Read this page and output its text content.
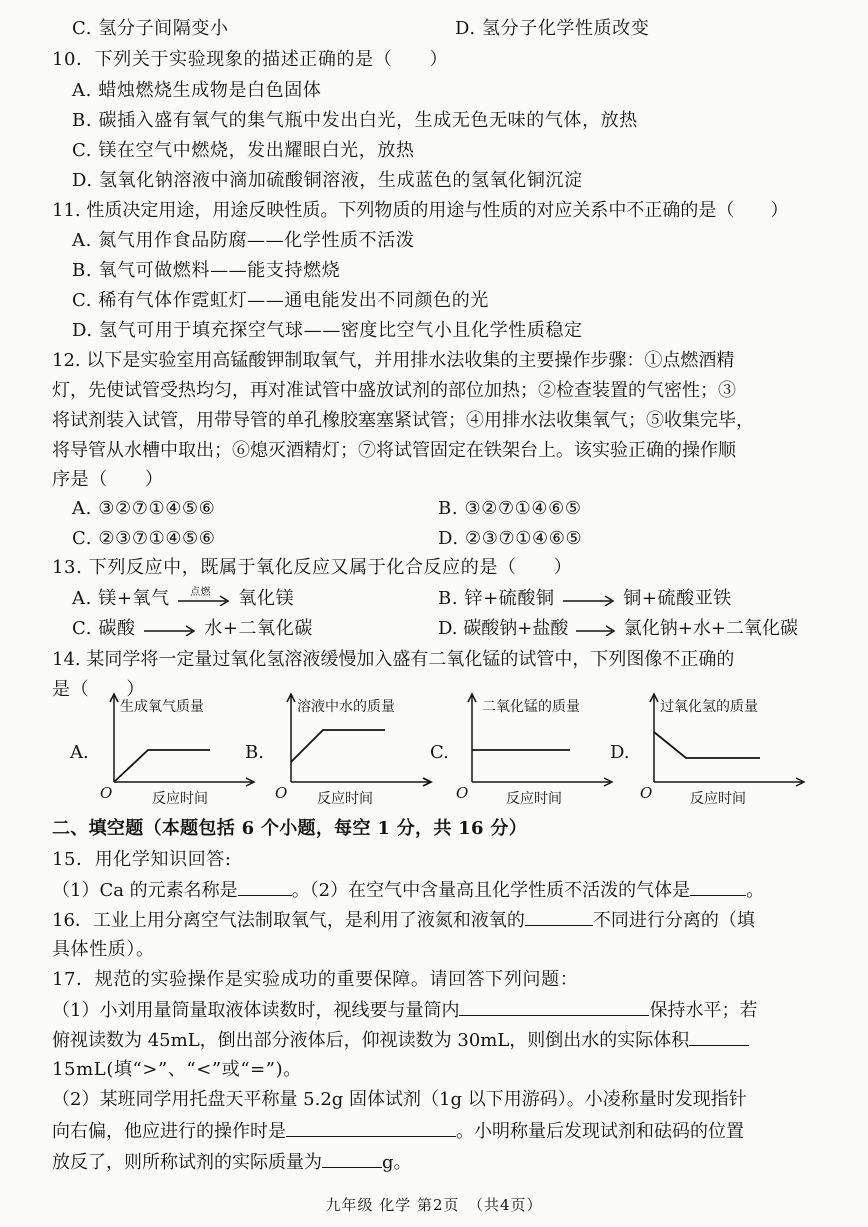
C. 氢分子间隔变小	D. 氢分子化学性质改变
10．下列关于实验现象的描述正确的是（　　）
A. 蜡烛燃烧生成物是白色固体
B. 碳插入盛有氧气的集气瓶中发出白光，生成无色无味的气体，放热
C. 镁在空气中燃烧，发出耀眼白光，放热
D. 氢氧化钠溶液中滴加硫酸铜溶液，生成蓝色的氢氧化铜沉淀
11. 性质决定用途，用途反映性质。下列物质的用途与性质的对应关系中不正确的是（　　）
A. 氮气用作食品防腐——化学性质不活泼
B. 氧气可做燃料——能支持燃烧
C. 稀有气体作霓虹灯——通电能发出不同颜色的光
D. 氢气可用于填充探空气球——密度比空气小且化学性质稳定
12. 以下是实验室用高锰酸钾制取氧气，并用排水法收集的主要操作步骤：①点燃酒精
灯，先使试管受热均匀，再对准试管中盛放试剂的部位加热；②检查装置的气密性；③
将试剂装入试管，用带导管的单孔橡胶塞塞紧试管；④用排水法收集氧气；⑤收集完毕，
将导管从水槽中取出；⑥熄灭酒精灯；⑦将试管固定在铁架台上。该实验正确的操作顺
序是（　　）
A. ③②⑦①④⑤⑥	B. ③②⑦①④⑥⑤
C. ②③⑦①④⑤⑥	D. ②③⑦①④⑥⑤
13. 下列反应中，既属于氧化反应又属于化合反应的是（　　）
A. 镁+氧气 点燃 氧化镁	B. 锌+硫酸铜 → 铜+硫酸亚铁
C. 碳酸 → 水+二氧化碳	D. 碳酸钠+盐酸 → 氯化钠+水+二氧化碳
14. 某同学将一定量过氧化氢溶液缓慢加入盛有二氧化锰的试管中，下列图像不正确的
是（　　）
A.
生成氧气质量
O	反应时间
B.
溶液中水的质量
O 反应时间
C.
二氧化锰的质量
O	反应时间
D.
过氧化氢的质量
O	反应时间
二、填空题（本题包括 6 个小题，每空 1 分，共 16 分）
15．用化学知识回答:
（1）Ca 的元素名称是	。（2）在空气中含量高且化学性质不活泼的气体是	。
16．工业上用分离空气法制取氧气，是利用了液氮和液氧的	不同进行分离的（填
具体性质）。
17．规范的实验操作是实验成功的重要保障。请回答下列问题：
（1）小刘用量筒量取液体读数时，视线要与量筒内	保持水平；若
俯视读数为 45mL，倒出部分液体后，仰视读数为 30mL，则倒出水的实际体积
15mL(填“>”、“<”或“=”)。
（2）某班同学用托盘天平称量 5.2g 固体试剂（1g 以下用游码）。小凌称量时发现指针
向右偏，他应进行的操作时是	。小明称量后发现试剂和砝码的位置
放反了，则所称试剂的实际质量为	g。
九年级 化学 第2页　（共4页）
